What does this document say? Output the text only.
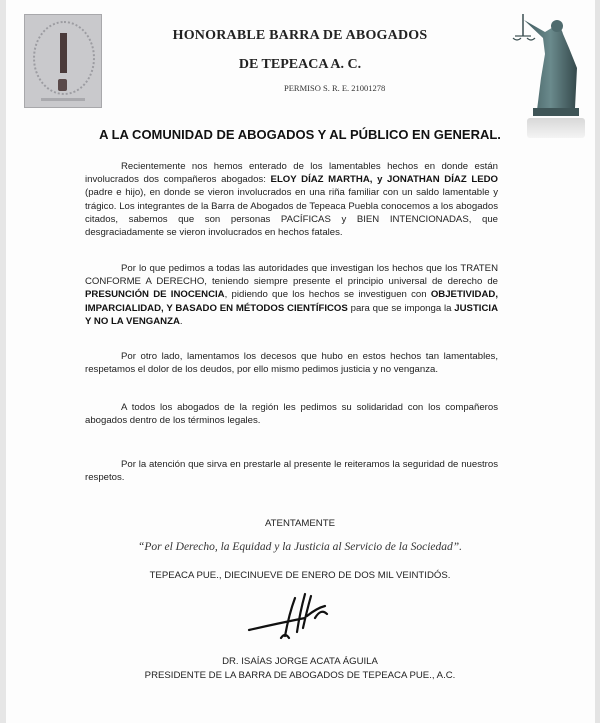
HONORABLE BARRA DE ABOGADOS
DE TEPEACA A. C.
PERMISO S. R. E. 21001278
A LA COMUNIDAD DE ABOGADOS Y AL PÚBLICO EN GENERAL.

Recientemente nos hemos enterado de los lamentables hechos en donde están involucrados dos compañeros abogados: ELOY DÍAZ MARTHA, y JONATHAN DÍAZ LEDO (padre e hijo), en donde se vieron involucrados en una riña familiar con un saldo lamentable y trágico. Los integrantes de la Barra de Abogados de Tepeaca Puebla conocemos a los abogados citados, sabemos que son personas PACÍFICAS y BIEN INTENCIONADAS, que desgraciadamente se vieron involucrados en hechos fatales.

Por lo que pedimos a todas las autoridades que investigan los hechos que los TRATEN CONFORME A DERECHO, teniendo siempre presente el principio universal de derecho de PRESUNCIÓN DE INOCENCIA, pidiendo que los hechos se investiguen con OBJETIVIDAD, IMPARCIALIDAD, Y BASADO EN MÉTODOS CIENTÍFICOS para que se imponga la JUSTICIA Y NO LA VENGANZA.

Por otro lado, lamentamos los decesos que hubo en estos hechos tan lamentables, respetamos el dolor de los deudos, por ello mismo pedimos justicia y no venganza.

A todos los abogados de la región les pedimos su solidaridad con los compañeros abogados dentro de los términos legales.

Por la atención que sirva en prestarle al presente le reiteramos la seguridad de nuestros respetos.

ATENTAMENTE
“Por el Derecho, la Equidad y la Justicia al Servicio de la Sociedad”.
TEPEACA PUE., DIECINUEVE DE ENERO DE DOS MIL VEINTIDÓS.
DR. ISAÍAS JORGE ACATA ÁGUILA
PRESIDENTE DE LA BARRA DE ABOGADOS DE TEPEACA PUE., A.C.
